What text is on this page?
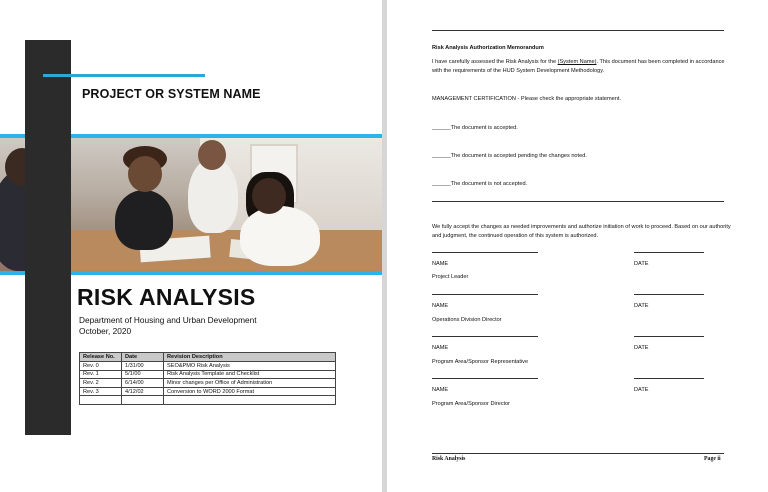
PROJECT OR SYSTEM NAME
RISK ANALYSIS
Department of Housing and Urban Development
October, 2020
Release No.	Date	Revision Description
Rev. 0	1/31/00	SEO&PMO Risk Analysis
Rev. 1	5/1/00	Risk Analysis Template and Checklist
Rev. 2	6/14/00	Minor changes per Office of Administration
Rev. 3	4/12/02	Conversion to WORD 2000 Format

Risk Analysis Authorization Memorandum
I have carefully assessed the Risk Analysis for the (System Name). This document has been completed in accordance with the requirements of the HUD System Development Methodology.
MANAGEMENT CERTIFICATION - Please check the appropriate statement.
______The document is accepted.
______The document is accepted pending the changes noted.
______The document is not accepted.
We fully accept the changes as needed improvements and authorize initiation of work to proceed. Based on our authority and judgment, the continued operation of this system is authorized.
NAME	DATE
Project Leader
NAME	DATE
Operations Division Director
NAME	DATE
Program Area/Sponsor Representative
NAME	DATE
Program Area/Sponsor Director
Risk Analysis	Page ii
